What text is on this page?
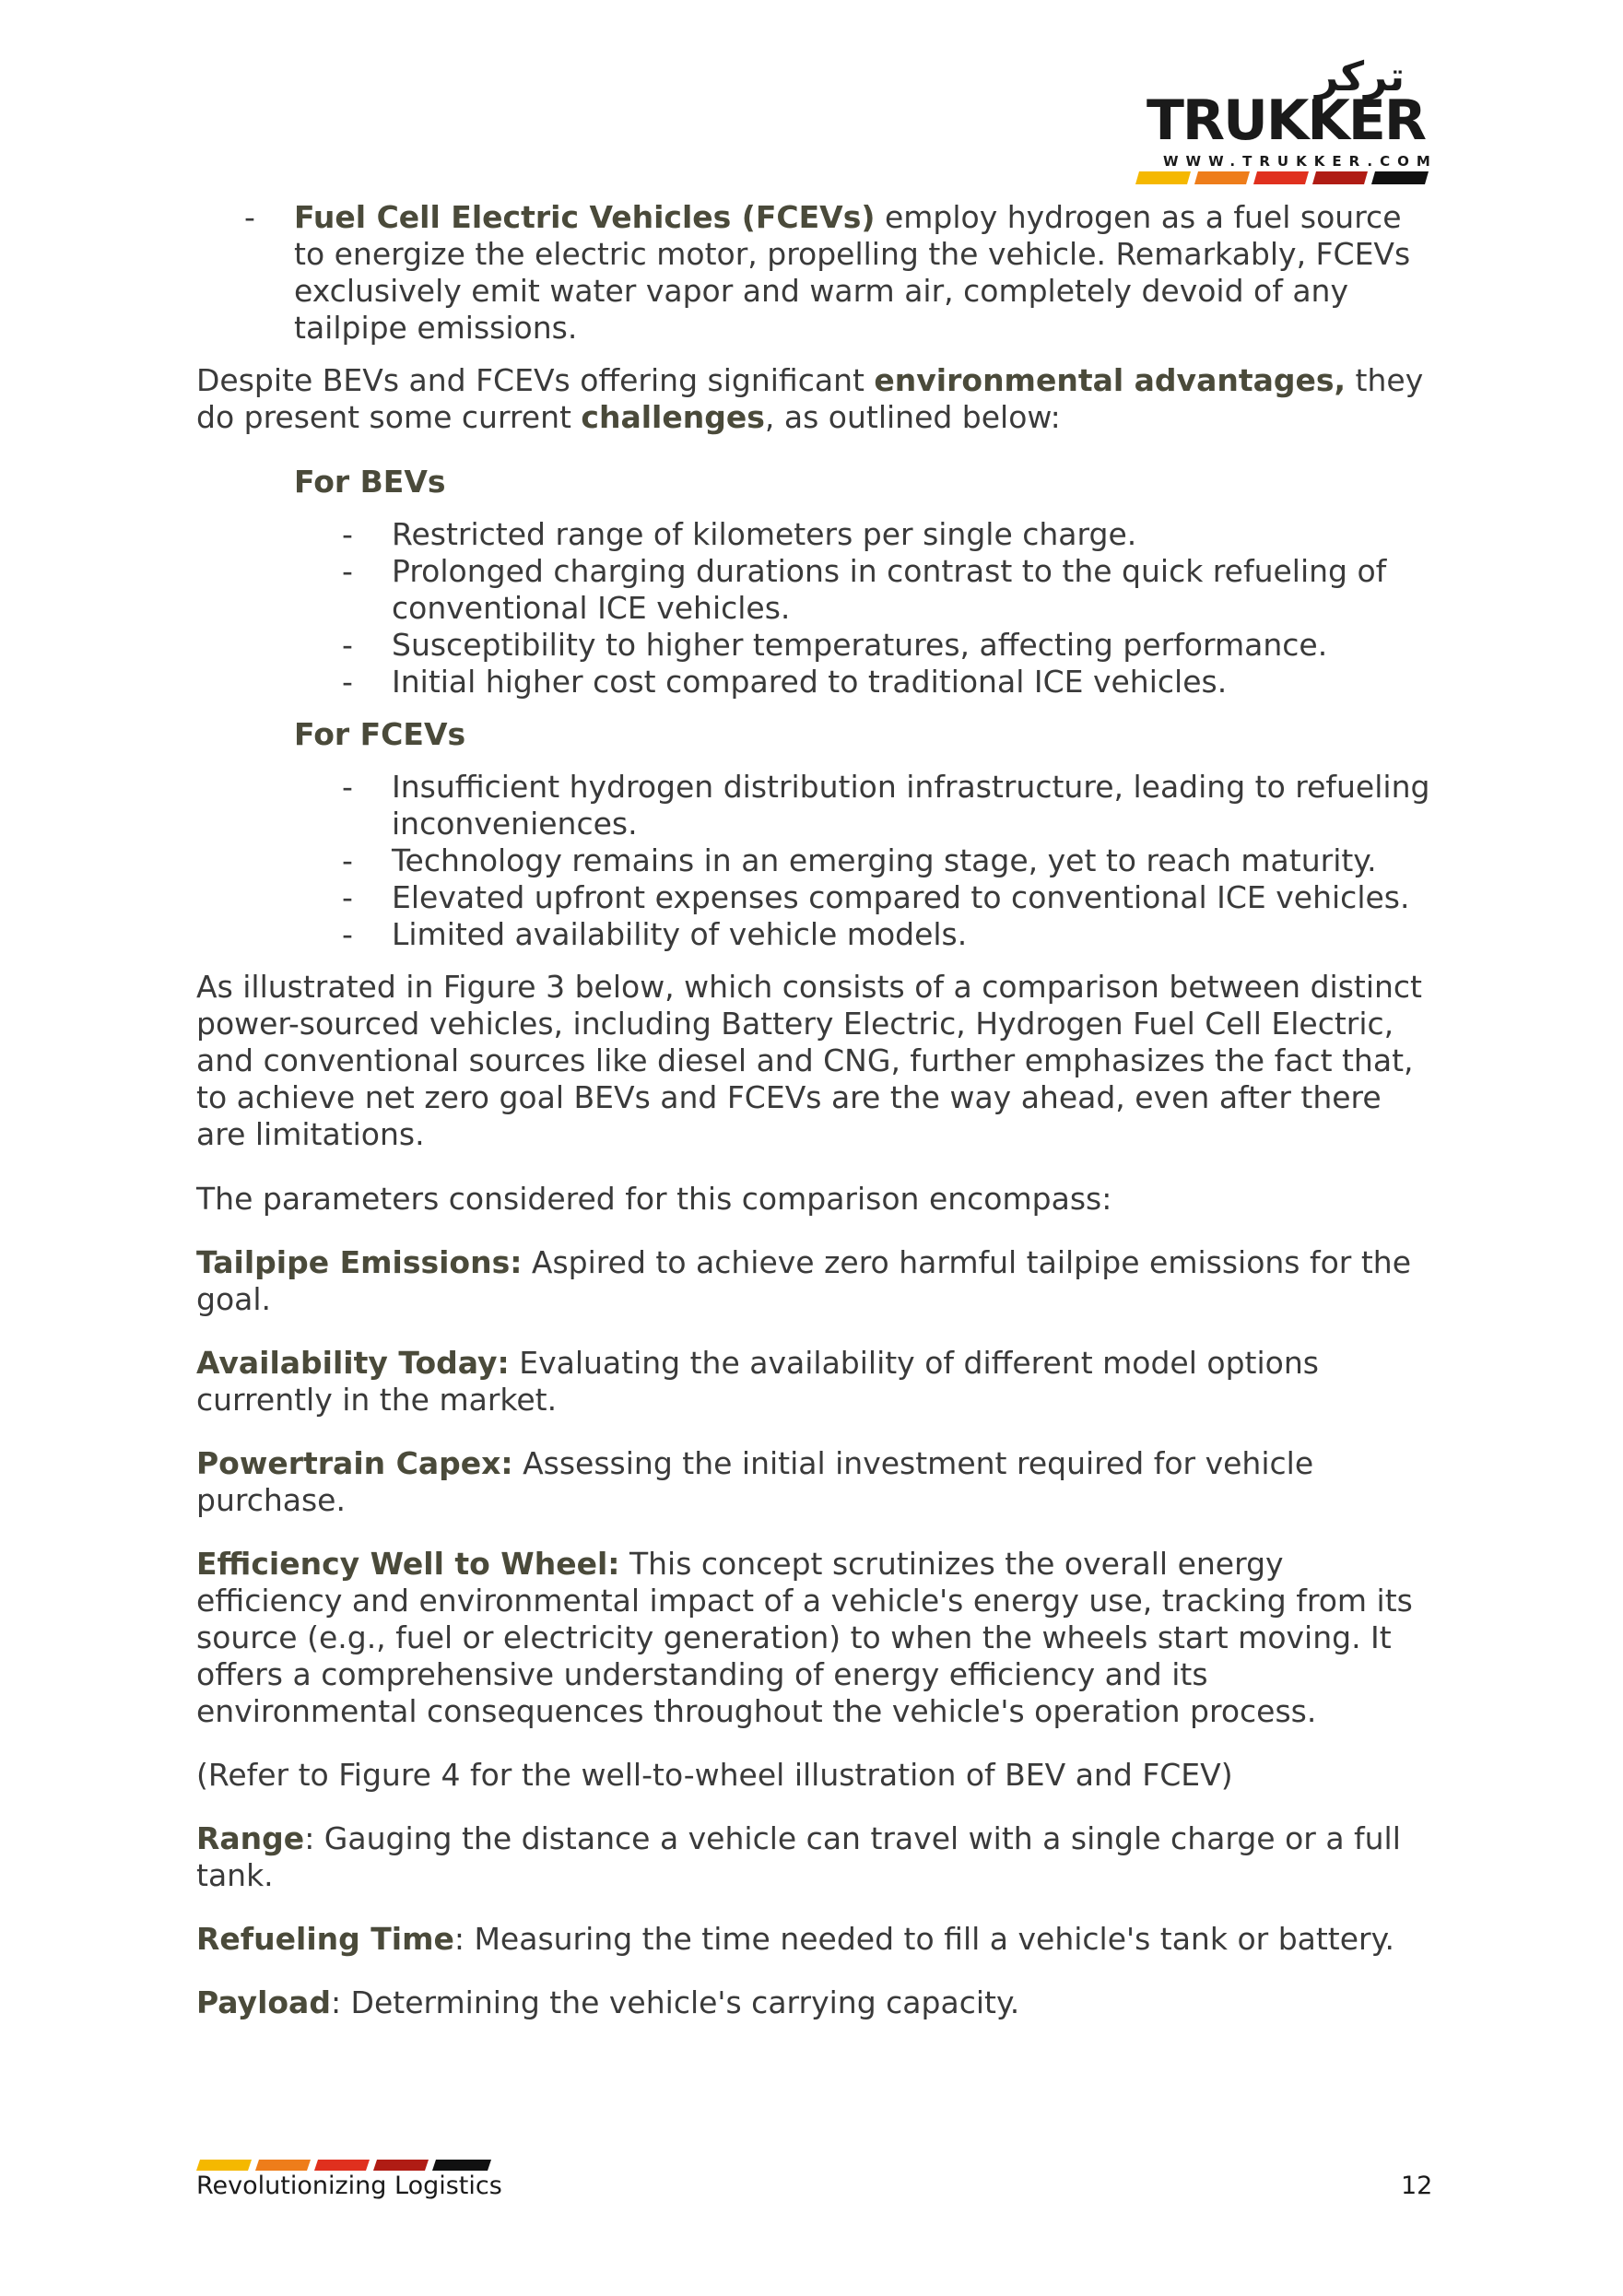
تركر
TRUKKER
WWW.TRUKKER.COM
- Fuel Cell Electric Vehicles (FCEVs) employ hydrogen as a fuel source to energize the electric motor, propelling the vehicle. Remarkably, FCEVs exclusively emit water vapor and warm air, completely devoid of any tailpipe emissions.

Despite BEVs and FCEVs offering significant environmental advantages, they do present some current challenges, as outlined below:

For BEVs
- Restricted range of kilometers per single charge.
- Prolonged charging durations in contrast to the quick refueling of conventional ICE vehicles.
- Susceptibility to higher temperatures, affecting performance.
- Initial higher cost compared to traditional ICE vehicles.
For FCEVs
- Insufficient hydrogen distribution infrastructure, leading to refueling inconveniences.
- Technology remains in an emerging stage, yet to reach maturity.
- Elevated upfront expenses compared to conventional ICE vehicles.
- Limited availability of vehicle models.

As illustrated in Figure 3 below, which consists of a comparison between distinct power-sourced vehicles, including Battery Electric, Hydrogen Fuel Cell Electric, and conventional sources like diesel and CNG, further emphasizes the fact that, to achieve net zero goal BEVs and FCEVs are the way ahead, even after there are limitations.

The parameters considered for this comparison encompass:

Tailpipe Emissions: Aspired to achieve zero harmful tailpipe emissions for the goal.

Availability Today: Evaluating the availability of different model options currently in the market.

Powertrain Capex: Assessing the initial investment required for vehicle purchase.

Efficiency Well to Wheel: This concept scrutinizes the overall energy efficiency and environmental impact of a vehicle's energy use, tracking from its source (e.g., fuel or electricity generation) to when the wheels start moving. It offers a comprehensive understanding of energy efficiency and its environmental consequences throughout the vehicle's operation process.

(Refer to Figure 4 for the well-to-wheel illustration of BEV and FCEV)

Range: Gauging the distance a vehicle can travel with a single charge or a full tank.

Refueling Time: Measuring the time needed to fill a vehicle's tank or battery.

Payload: Determining the vehicle's carrying capacity.

Revolutionizing Logistics	12
